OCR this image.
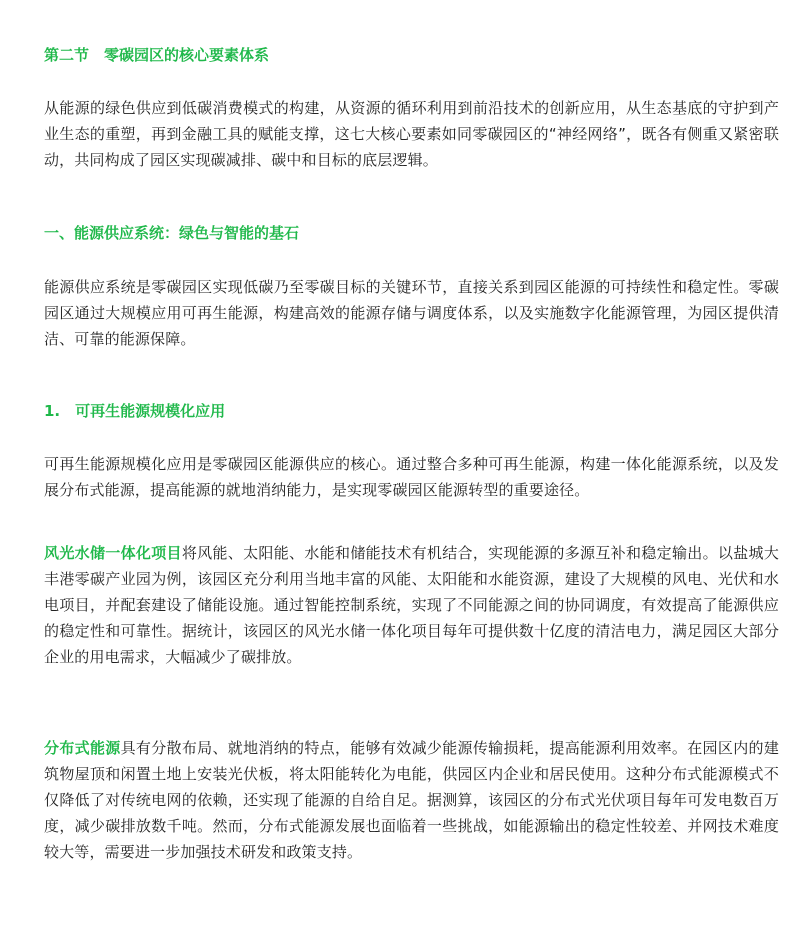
第二节　零碳园区的核心要素体系

从能源的绿色供应到低碳消费模式的构建，从资源的循环利用到前沿技术的创新应用，从生态基底的守护到产业生态的重塑，再到金融工具的赋能支撑，这七大核心要素如同零碳园区的“神经网络”，既各有侧重又紧密联动，共同构成了园区实现碳减排、碳中和目标的底层逻辑。

一、能源供应系统：绿色与智能的基石

能源供应系统是零碳园区实现低碳乃至零碳目标的关键环节，直接关系到园区能源的可持续性和稳定性。零碳园区通过大规模应用可再生能源，构建高效的能源存储与调度体系，以及实施数字化能源管理，为园区提供清洁、可靠的能源保障。

1.　可再生能源规模化应用

可再生能源规模化应用是零碳园区能源供应的核心。通过整合多种可再生能源，构建一体化能源系统，以及发展分布式能源，提高能源的就地消纳能力，是实现零碳园区能源转型的重要途径。

风光水储一体化项目将风能、太阳能、水能和储能技术有机结合，实现能源的多源互补和稳定输出。以盐城大丰港零碳产业园为例，该园区充分利用当地丰富的风能、太阳能和水能资源，建设了大规模的风电、光伏和水电项目，并配套建设了储能设施。通过智能控制系统，实现了不同能源之间的协同调度，有效提高了能源供应的稳定性和可靠性。据统计，该园区的风光水储一体化项目每年可提供数十亿度的清洁电力，满足园区大部分企业的用电需求，大幅减少了碳排放。

分布式能源具有分散布局、就地消纳的特点，能够有效减少能源传输损耗，提高能源利用效率。在园区内的建筑物屋顶和闲置土地上安装光伏板，将太阳能转化为电能，供园区内企业和居民使用。这种分布式能源模式不仅降低了对传统电网的依赖，还实现了能源的自给自足。据测算，该园区的分布式光伏项目每年可发电数百万度，减少碳排放数千吨。然而，分布式能源发展也面临着一些挑战，如能源输出的稳定性较差、并网技术难度较大等，需要进一步加强技术研发和政策支持。
